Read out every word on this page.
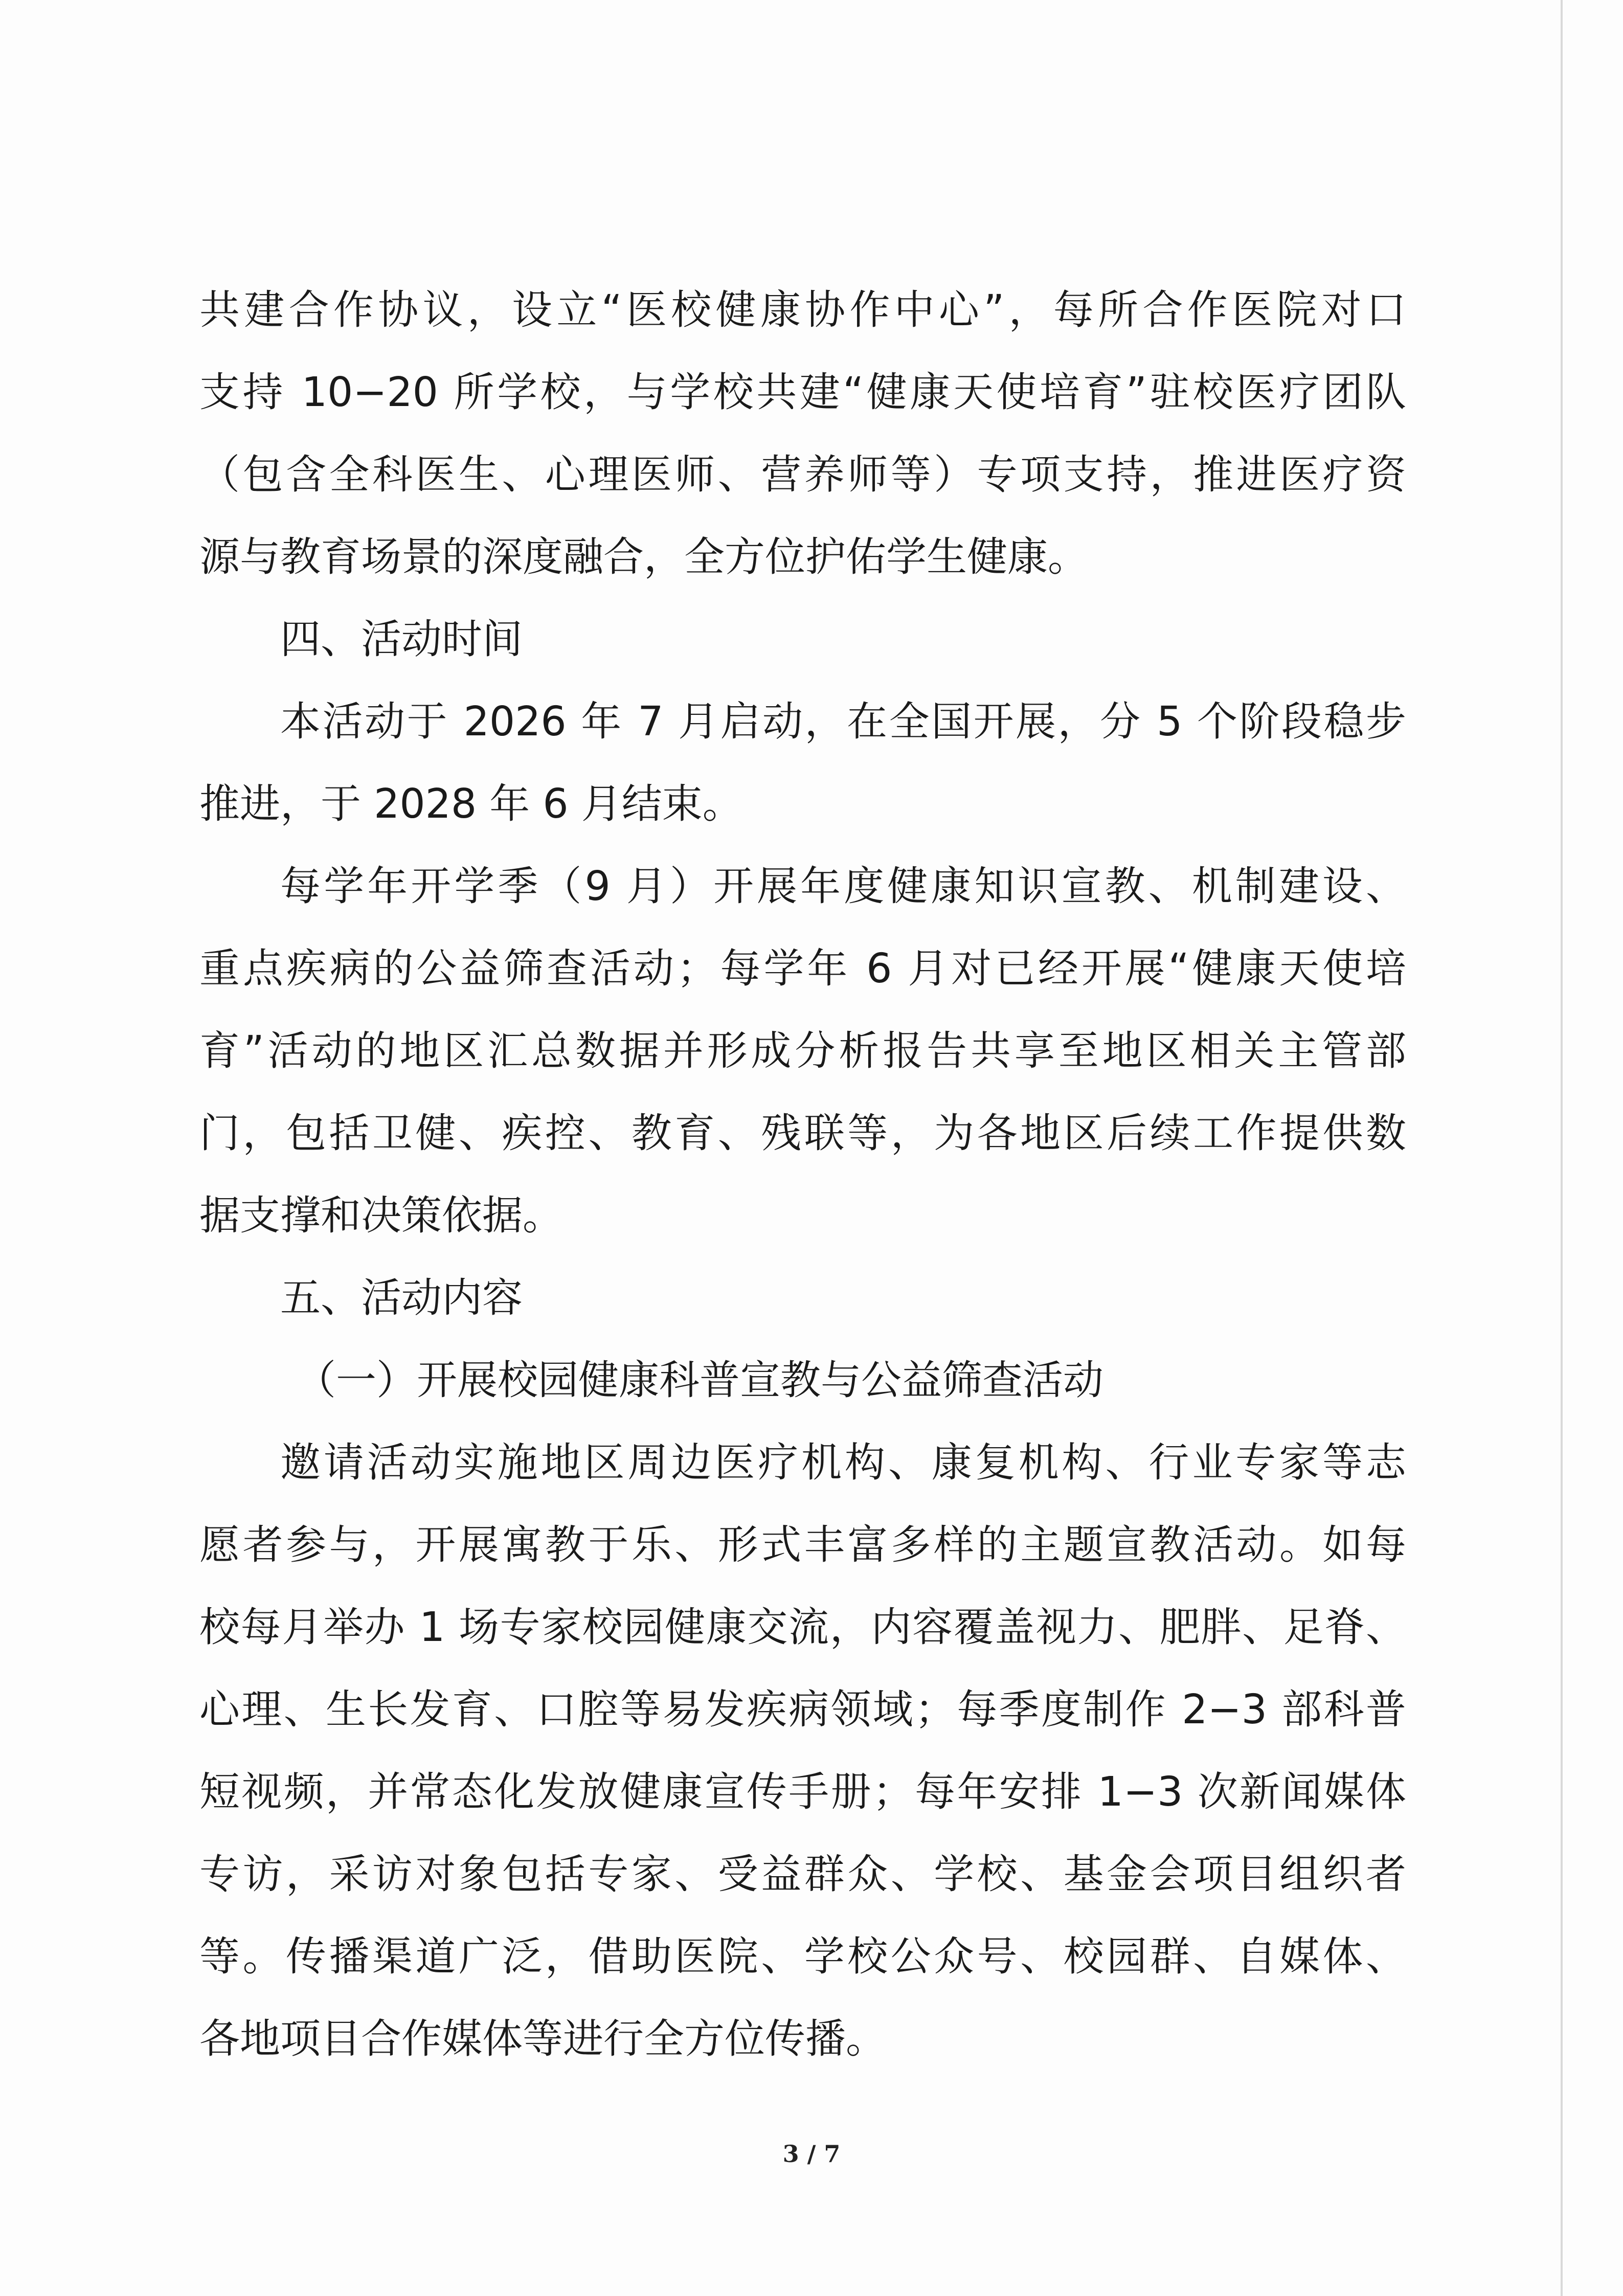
共建合作协议，设立“医校健康协作中心”，每所合作医院对口
支持 10−20 所学校，与学校共建“健康天使培育”驻校医疗团队
（包含全科医生、心理医师、营养师等）专项支持，推进医疗资
源与教育场景的深度融合，全方位护佑学生健康。
四、活动时间
本活动于 2026 年 7 月启动，在全国开展，分 5 个阶段稳步
推进，于 2028 年 6 月结束。
每学年开学季（9 月）开展年度健康知识宣教、机制建设、
重点疾病的公益筛查活动；每学年 6 月对已经开展“健康天使培
育”活动的地区汇总数据并形成分析报告共享至地区相关主管部
门，包括卫健、疾控、教育、残联等，为各地区后续工作提供数
据支撑和决策依据。
五、活动内容
（一）开展校园健康科普宣教与公益筛查活动
邀请活动实施地区周边医疗机构、康复机构、行业专家等志
愿者参与，开展寓教于乐、形式丰富多样的主题宣教活动。如每
校每月举办 1 场专家校园健康交流，内容覆盖视力、肥胖、足脊、
心理、生长发育、口腔等易发疾病领域；每季度制作 2−3 部科普
短视频，并常态化发放健康宣传手册；每年安排 1−3 次新闻媒体
专访，采访对象包括专家、受益群众、学校、基金会项目组织者
等。传播渠道广泛，借助医院、学校公众号、校园群、自媒体、
各地项目合作媒体等进行全方位传播。
3 / 7
